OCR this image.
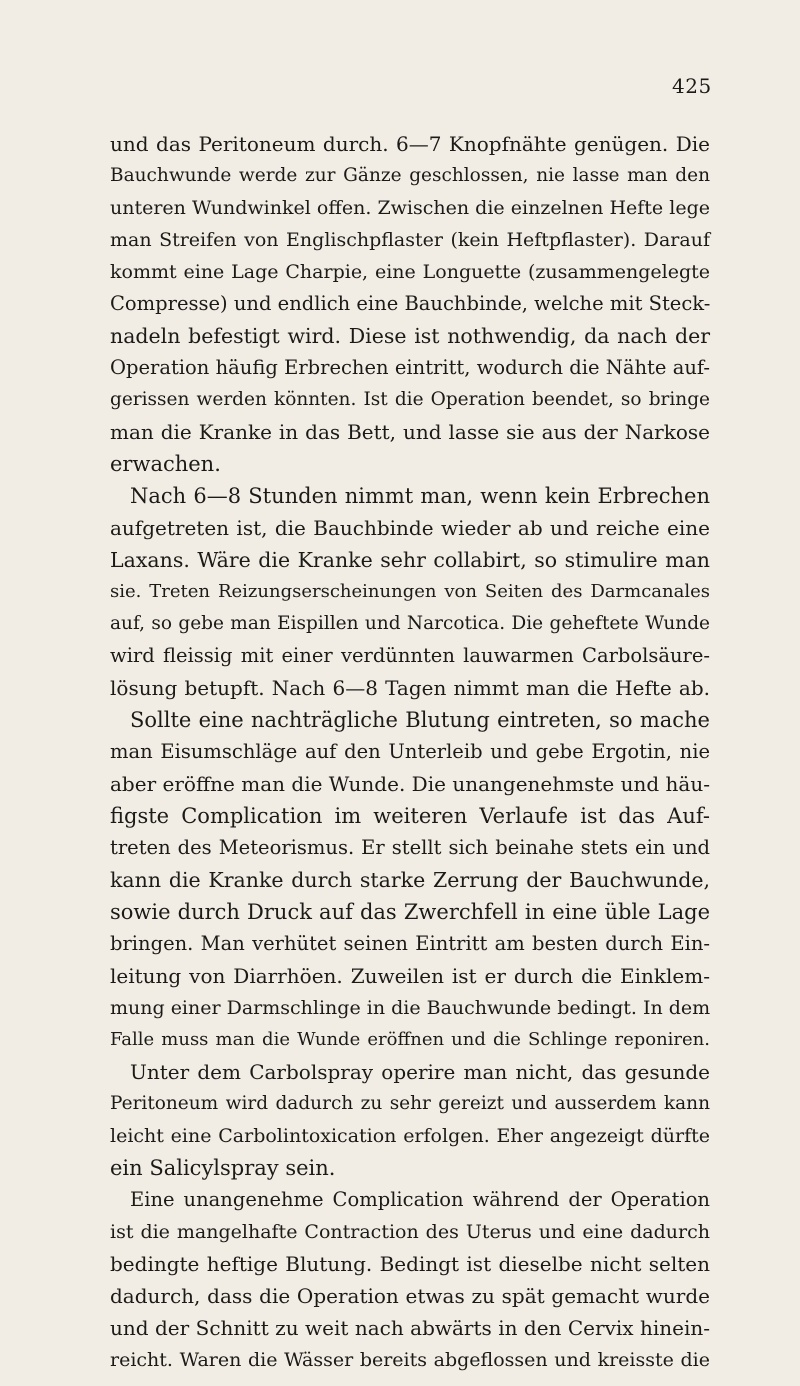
425
und das Peritoneum durch. 6—7 Knopfnähte genügen. Die
Bauchwunde werde zur Gänze geschlossen, nie lasse man den
unteren Wundwinkel offen. Zwischen die einzelnen Hefte lege
man Streifen von Englischpflaster (kein Heftpflaster). Darauf
kommt eine Lage Charpie, eine Longuette (zusammengelegte
Compresse) und endlich eine Bauchbinde, welche mit Steck-
nadeln befestigt wird. Diese ist nothwendig, da nach der
Operation häufig Erbrechen eintritt, wodurch die Nähte auf-
gerissen werden könnten. Ist die Operation beendet, so bringe
man die Kranke in das Bett, und lasse sie aus der Narkose
erwachen.
Nach 6—8 Stunden nimmt man, wenn kein Erbrechen
aufgetreten ist, die Bauchbinde wieder ab und reiche eine
Laxans. Wäre die Kranke sehr collabirt, so stimulire man
sie. Treten Reizungserscheinungen von Seiten des Darmcanales
auf, so gebe man Eispillen und Narcotica. Die geheftete Wunde
wird fleissig mit einer verdünnten lauwarmen Carbolsäure-
lösung betupft. Nach 6—8 Tagen nimmt man die Hefte ab.
Sollte eine nachträgliche Blutung eintreten, so mache
man Eisumschläge auf den Unterleib und gebe Ergotin, nie
aber eröffne man die Wunde. Die unangenehmste und häu-
figste Complication im weiteren Verlaufe ist das Auf-
treten des Meteorismus. Er stellt sich beinahe stets ein und
kann die Kranke durch starke Zerrung der Bauchwunde,
sowie durch Druck auf das Zwerchfell in eine üble Lage
bringen. Man verhütet seinen Eintritt am besten durch Ein-
leitung von Diarrhöen. Zuweilen ist er durch die Einklem-
mung einer Darmschlinge in die Bauchwunde bedingt. In dem
Falle muss man die Wunde eröffnen und die Schlinge reponiren.
Unter dem Carbolspray operire man nicht, das gesunde
Peritoneum wird dadurch zu sehr gereizt und ausserdem kann
leicht eine Carbolintoxication erfolgen. Eher angezeigt dürfte
ein Salicylspray sein.
Eine unangenehme Complication während der Operation
ist die mangelhafte Contraction des Uterus und eine dadurch
bedingte heftige Blutung. Bedingt ist dieselbe nicht selten
dadurch, dass die Operation etwas zu spät gemacht wurde
und der Schnitt zu weit nach abwärts in den Cervix hinein-
reicht. Waren die Wässer bereits abgeflossen und kreisste die
